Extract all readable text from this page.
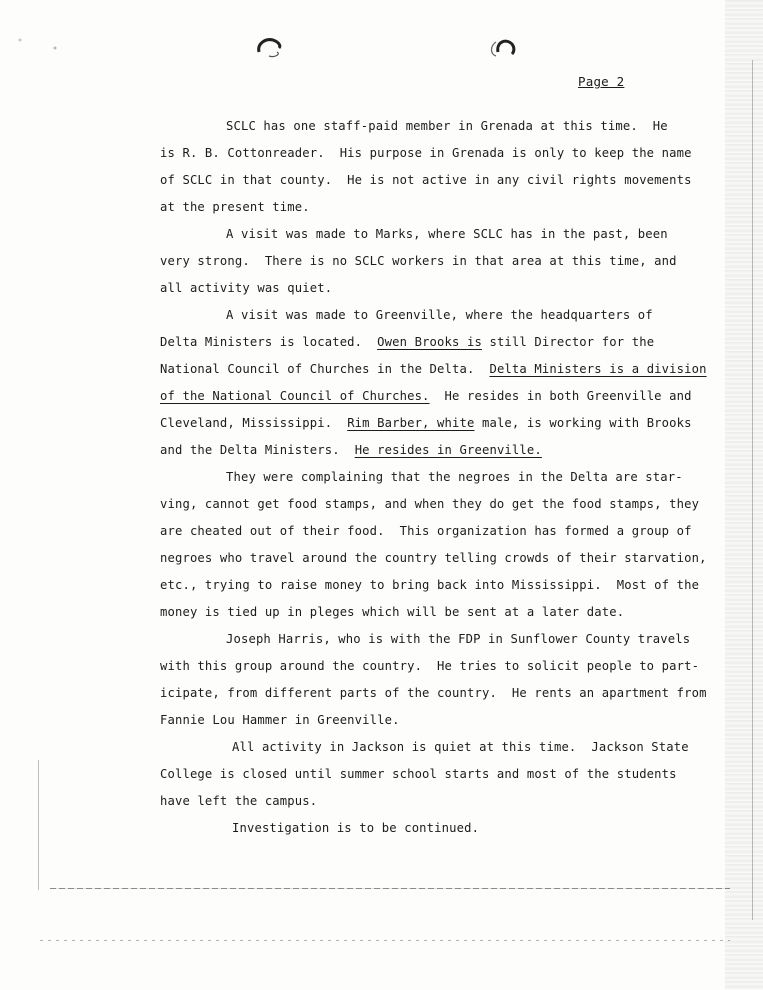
Page 2
SCLC has one staff-paid member in Grenada at this time.  He
is R. B. Cottonreader.  His purpose in Grenada is only to keep the name
of SCLC in that county.  He is not active in any civil rights movements
at the present time.
A visit was made to Marks, where SCLC has in the past, been
very strong.  There is no SCLC workers in that area at this time, and
all activity was quiet.
A visit was made to Greenville, where the headquarters of
Delta Ministers is located.  Owen Brooks is still Director for the
National Council of Churches in the Delta.  Delta Ministers is a division
of the National Council of Churches.  He resides in both Greenville and
Cleveland, Mississippi.  Rim Barber, white male, is working with Brooks
and the Delta Ministers.  He resides in Greenville.
They were complaining that the negroes in the Delta are star-
ving, cannot get food stamps, and when they do get the food stamps, they
are cheated out of their food.  This organization has formed a group of
negroes who travel around the country telling crowds of their starvation,
etc., trying to raise money to bring back into Mississippi.  Most of the
money is tied up in pleges which will be sent at a later date.
Joseph Harris, who is with the FDP in Sunflower County travels
with this group around the country.  He tries to solicit people to part-
icipate, from different parts of the country.  He rents an apartment from
Fannie Lou Hammer in Greenville.
All activity in Jackson is quiet at this time.  Jackson State
College is closed until summer school starts and most of the students
have left the campus.
Investigation is to be continued.
